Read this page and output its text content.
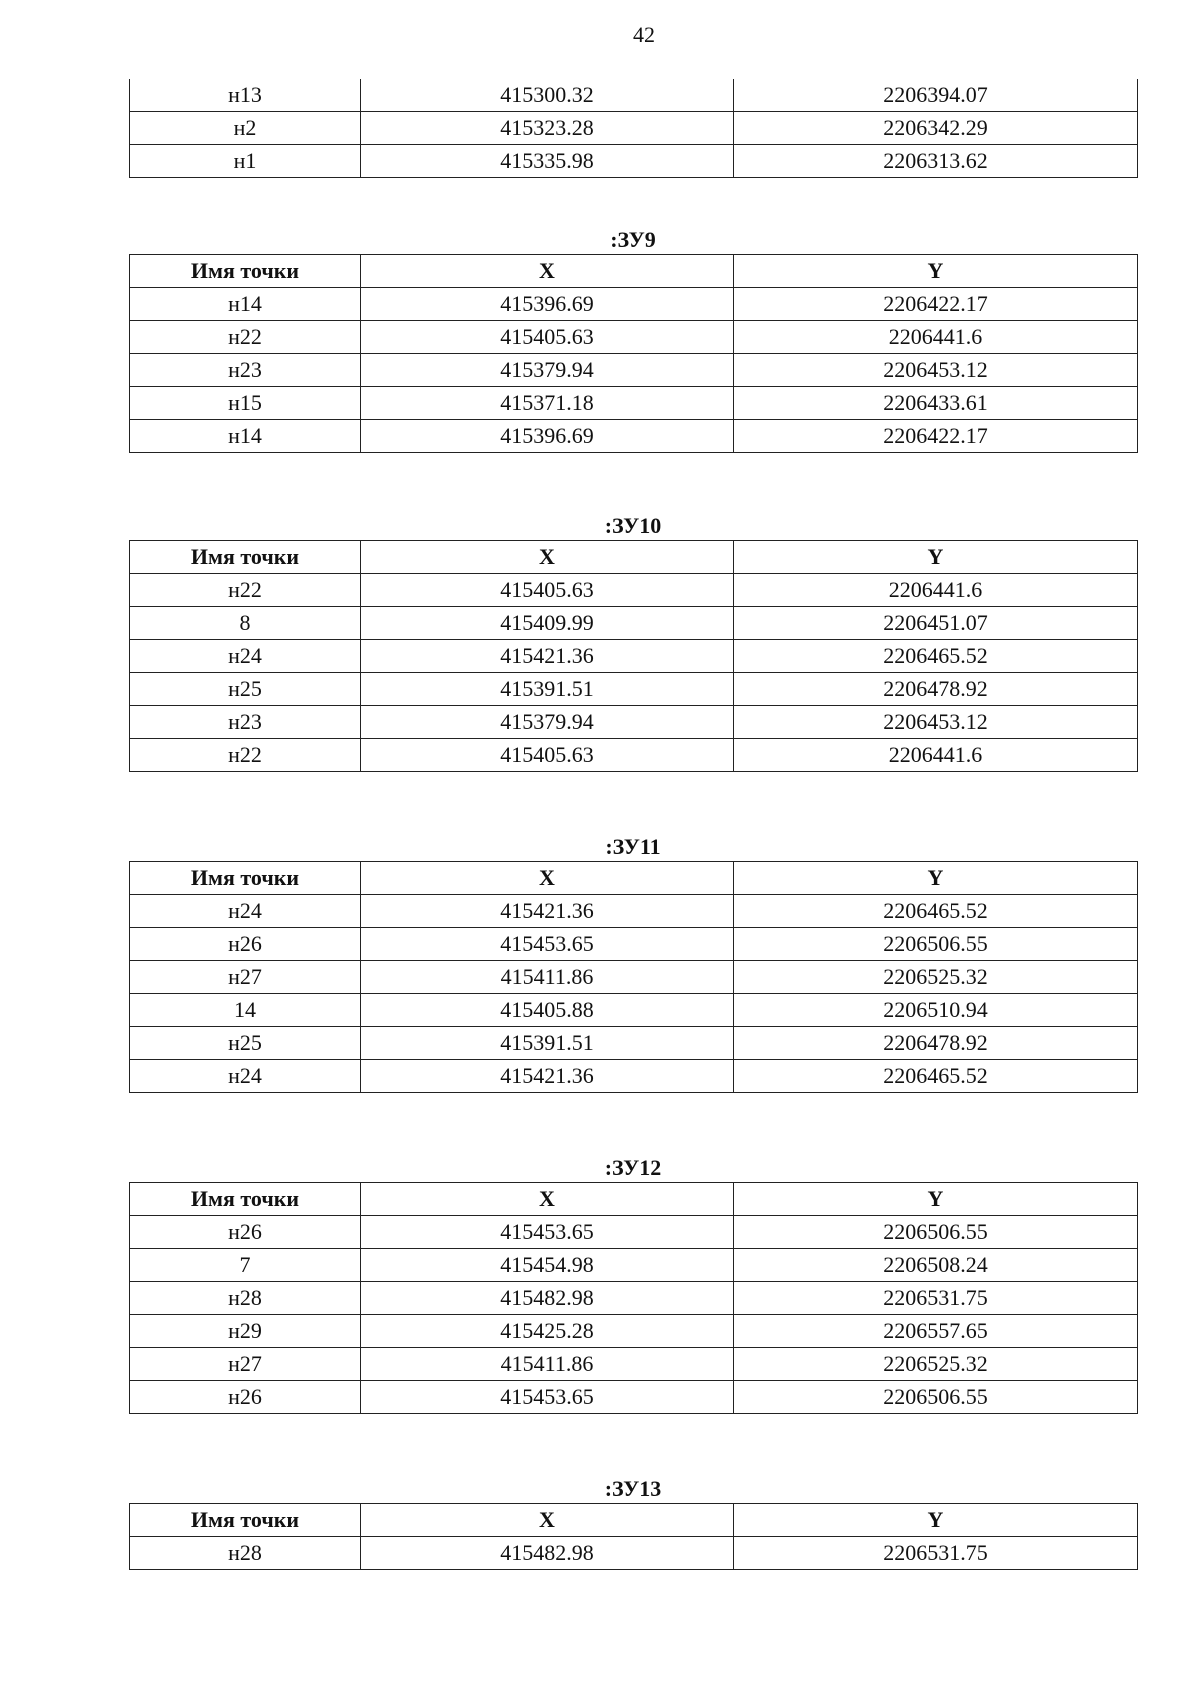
42
н13	415300.32	2206394.07
н2	415323.28	2206342.29
н1	415335.98	2206313.62
:ЗУ9
Имя точки	X	Y
н14	415396.69	2206422.17
н22	415405.63	2206441.6
н23	415379.94	2206453.12
н15	415371.18	2206433.61
н14	415396.69	2206422.17
:ЗУ10
Имя точки	X	Y
н22	415405.63	2206441.6
8	415409.99	2206451.07
н24	415421.36	2206465.52
н25	415391.51	2206478.92
н23	415379.94	2206453.12
н22	415405.63	2206441.6
:ЗУ11
Имя точки	X	Y
н24	415421.36	2206465.52
н26	415453.65	2206506.55
н27	415411.86	2206525.32
14	415405.88	2206510.94
н25	415391.51	2206478.92
н24	415421.36	2206465.52
:ЗУ12
Имя точки	X	Y
н26	415453.65	2206506.55
7	415454.98	2206508.24
н28	415482.98	2206531.75
н29	415425.28	2206557.65
н27	415411.86	2206525.32
н26	415453.65	2206506.55
:ЗУ13
Имя точки	X	Y
н28	415482.98	2206531.75
